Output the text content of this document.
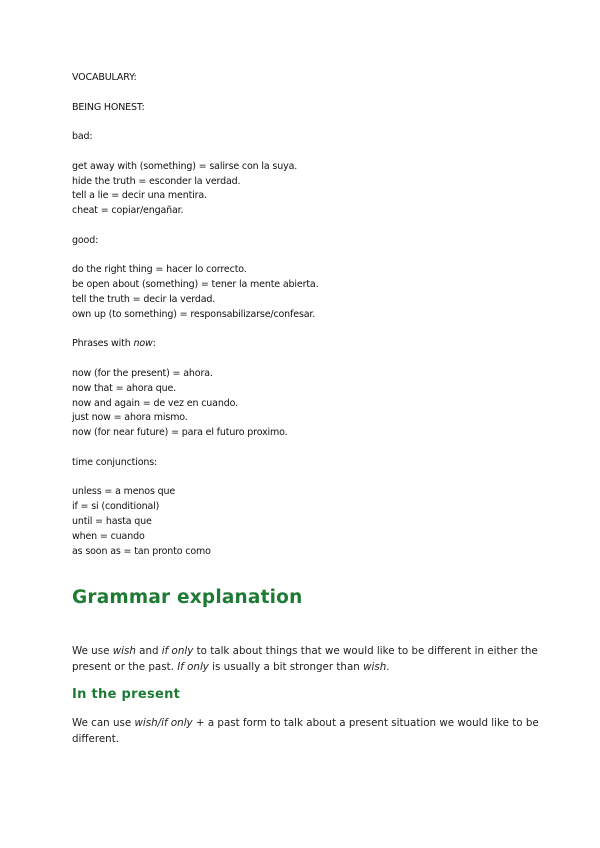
VOCABULARY:
BEING HONEST:
bad:
get away with (something) = salirse con la suya.
hide the truth = esconder la verdad.
tell a lie = decir una mentira.
cheat = copiar/engañar.
good:
do the right thing = hacer lo correcto.
be open about (something) = tener la mente abierta.
tell the truth = decir la verdad.
own up (to something) = responsabilizarse/confesar.
Phrases with now:
now (for the present) = ahora.
now that = ahora que.
now and again = de vez en cuando.
just now = ahora mismo.
now (for near future) = para el futuro proximo.
time conjunctions:
unless = a menos que
if = si (conditional)
until = hasta que
when = cuando
as soon as = tan pronto como
Grammar explanation
We use wish and if only to talk about things that we would like to be different in either the present or the past. If only is usually a bit stronger than wish.
In the present
We can use wish/if only + a past form to talk about a present situation we would like to be different.
